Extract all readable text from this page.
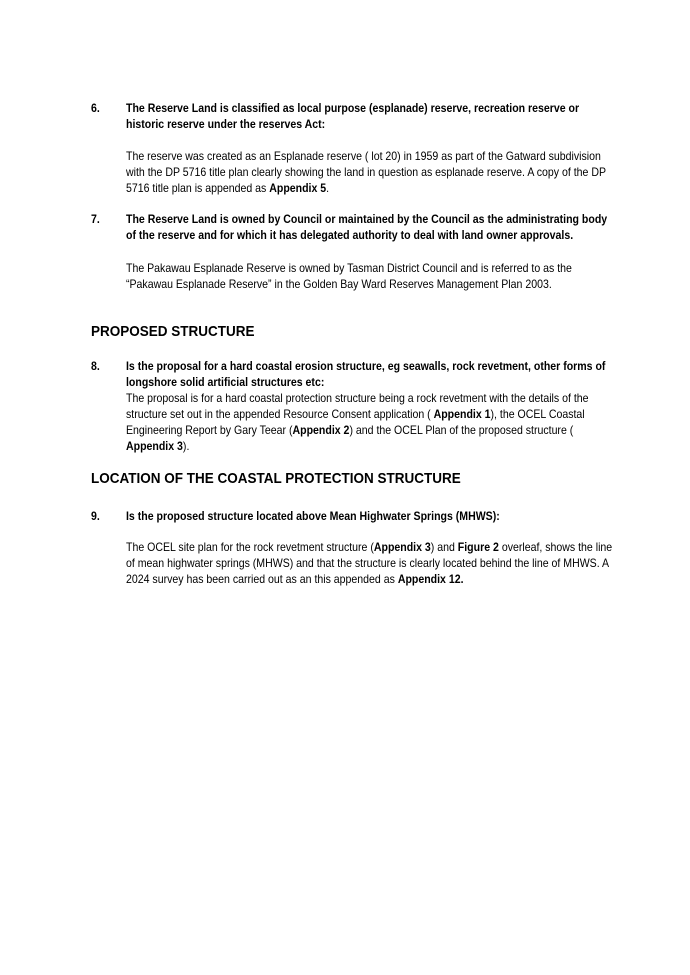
6. The Reserve Land is classified as local purpose (esplanade) reserve, recreation reserve or historic reserve under the reserves Act:
The reserve was created as an Esplanade reserve ( lot 20) in 1959 as part of the Gatward subdivision with the DP 5716 title plan clearly showing the land in question as esplanade reserve. A copy of the DP 5716 title plan is appended as Appendix 5.
7. The Reserve Land is owned by Council or maintained by the Council as the administrating body of the reserve and for which it has delegated authority to deal with land owner approvals.
The Pakawau Esplanade Reserve is owned by Tasman District Council and is referred to as the “Pakawau Esplanade Reserve” in the Golden Bay Ward Reserves Management Plan 2003.
PROPOSED STRUCTURE
8. Is the proposal for a hard coastal erosion structure, eg seawalls, rock revetment, other forms of longshore solid artificial structures etc:
The proposal is for a hard coastal protection structure being a rock revetment with the details of the structure set out in the appended Resource Consent application ( Appendix 1), the OCEL Coastal Engineering Report by Gary Teear (Appendix 2) and the OCEL Plan of the proposed structure ( Appendix 3).
LOCATION OF THE COASTAL PROTECTION STRUCTURE
9. Is the proposed structure located above Mean Highwater Springs (MHWS):
The OCEL site plan for the rock revetment structure (Appendix 3) and Figure 2 overleaf, shows the line of mean highwater springs (MHWS) and that the structure is clearly located behind the line of MHWS. A 2024 survey has been carried out as an this appended as Appendix 12.
